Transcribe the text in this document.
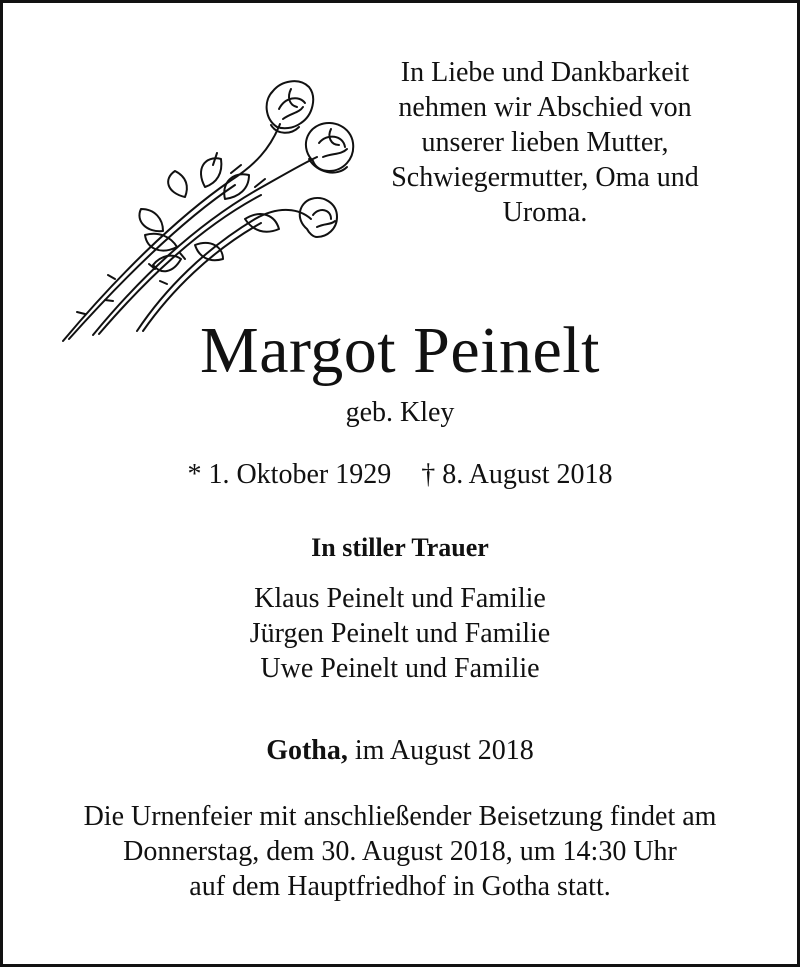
In Liebe und Dankbarkeit
nehmen wir Abschied von
unserer lieben Mutter,
Schwiegermutter, Oma und
Uroma.
Margot Peinelt
geb. Kley
* 1. Oktober 1929 † 8. August 2018
In stiller Trauer
Klaus Peinelt und Familie
Jürgen Peinelt und Familie
Uwe Peinelt und Familie
Gotha, im August 2018
Die Urnenfeier mit anschließender Beisetzung findet am
Donnerstag, dem 30. August 2018, um 14:30 Uhr
auf dem Hauptfriedhof in Gotha statt.
